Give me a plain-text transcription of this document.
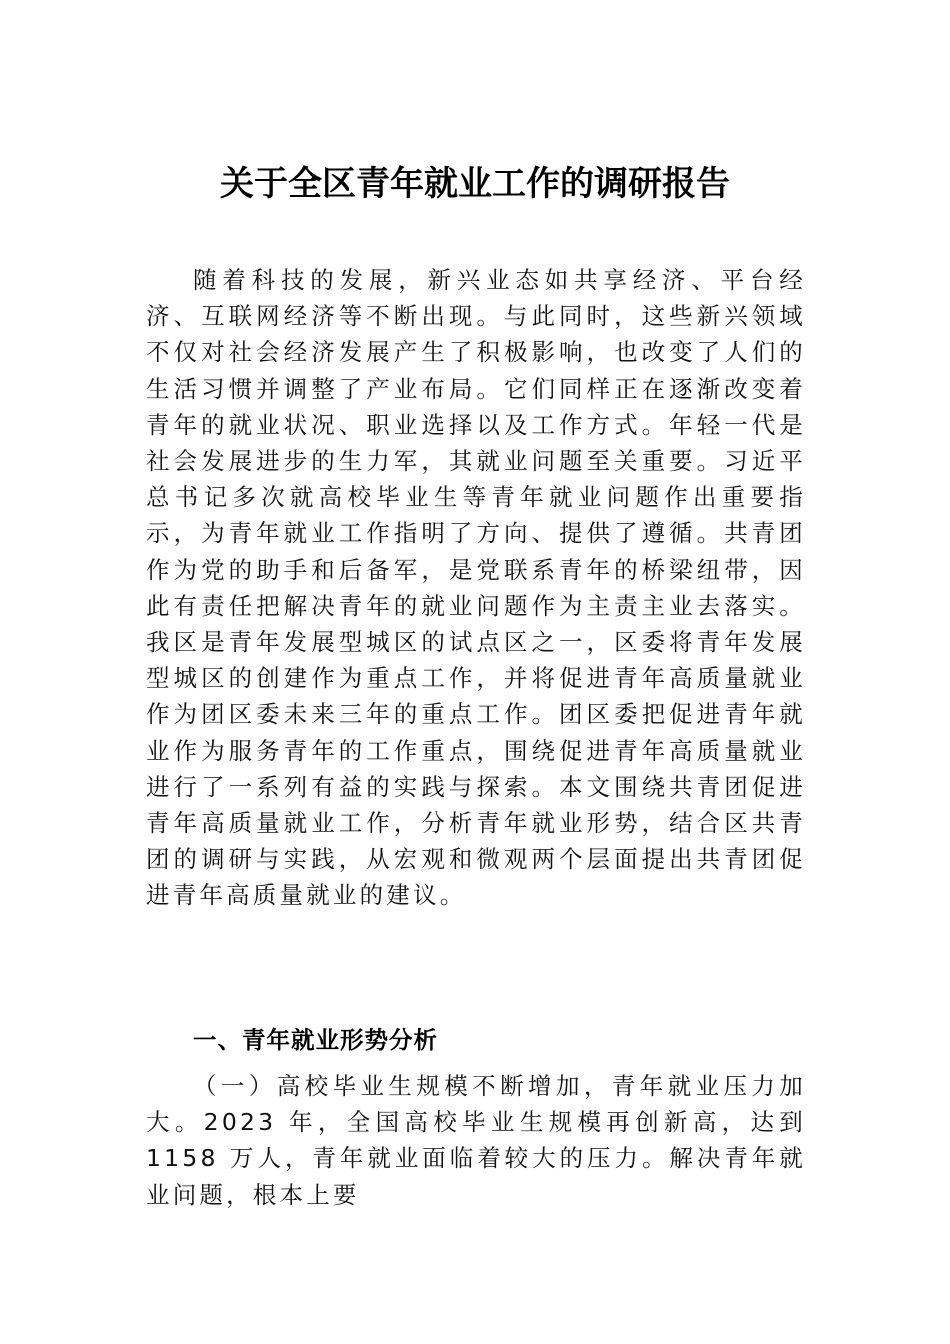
关于全区青年就业工作的调研报告

随着科技的发展，新兴业态如共享经济、平台经济、互联网经济等不断出现。与此同时，这些新兴领域不仅对社会经济发展产生了积极影响，也改变了人们的生活习惯并调整了产业布局。它们同样正在逐渐改变着青年的就业状况、职业选择以及工作方式。年轻一代是社会发展进步的生力军，其就业问题至关重要。习近平总书记多次就高校毕业生等青年就业问题作出重要指示，为青年就业工作指明了方向、提供了遵循。共青团作为党的助手和后备军，是党联系青年的桥梁纽带，因此有责任把解决青年的就业问题作为主责主业去落实。我区是青年发展型城区的试点区之一，区委将青年发展型城区的创建作为重点工作，并将促进青年高质量就业作为团区委未来三年的重点工作。团区委把促进青年就业作为服务青年的工作重点，围绕促进青年高质量就业进行了一系列有益的实践与探索。本文围绕共青团促进青年高质量就业工作，分析青年就业形势，结合区共青团的调研与实践，从宏观和微观两个层面提出共青团促进青年高质量就业的建议。

一、青年就业形势分析

（一）高校毕业生规模不断增加，青年就业压力加大。2023 年，全国高校毕业生规模再创新高，达到 1158 万人，青年就业面临着较大的压力。解决青年就业问题，根本上要
